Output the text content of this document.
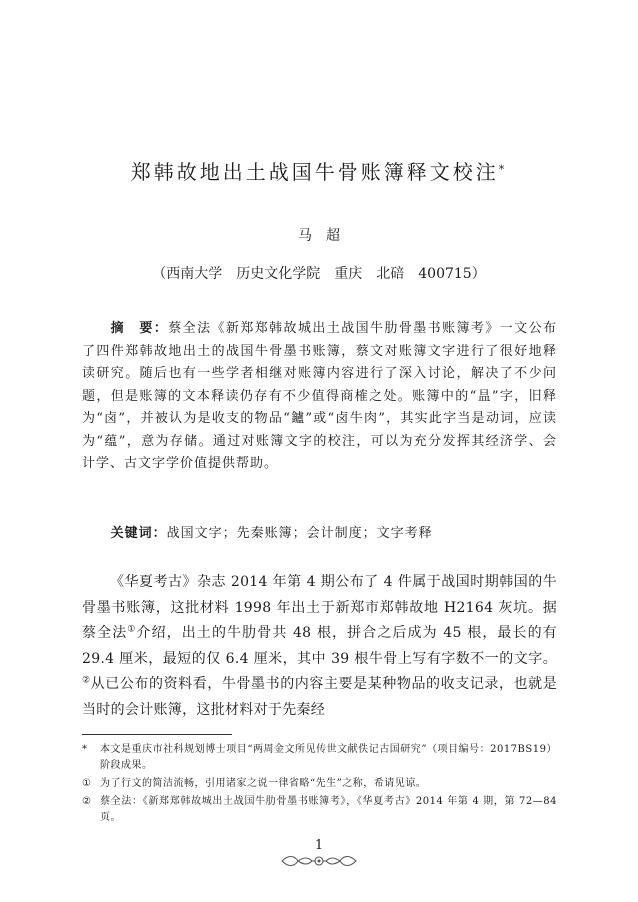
郑韩故地出土战国牛骨账簿释文校注*
马　超
（西南大学　历史文化学院　重庆　北碚　400715）
摘　要：蔡全法《新郑郑韩故城出土战国牛肋骨墨书账簿考》一文公布了四件郑韩故地出土的战国牛骨墨书账簿，蔡文对账簿文字进行了很好地释读研究。随后也有一些学者相继对账簿内容进行了深入讨论，解决了不少问题，但是账簿的文本释读仍存有不少值得商榷之处。账簿中的“昷”字，旧释为“卤”，并被认为是收支的物品“鑪”或“卤牛肉”，其实此字当是动词，应读为“蕴”，意为存储。通过对账簿文字的校注，可以为充分发挥其经济学、会计学、古文字学价值提供帮助。
关键词：战国文字；先秦账簿；会计制度；文字考释
《华夏考古》杂志 2014 年第 4 期公布了 4 件属于战国时期韩国的牛骨墨书账簿，这批材料 1998 年出土于新郑市郑韩故地 H2164 灰坑。据蔡全法①介绍，出土的牛肋骨共 48 根，拼合之后成为 45 根，最长的有 29.4 厘米，最短的仅 6.4 厘米，其中 39 根牛骨上写有字数不一的文字。②从已公布的资料看，牛骨墨书的内容主要是某种物品的收支记录，也就是当时的会计账簿，这批材料对于先秦经
*	本文是重庆市社科规划博士项目“两周金文所见传世文献佚记古国研究”（项目编号：2017BS19）阶段成果。
① 为了行文的简洁流畅，引用诸家之说一律省略“先生”之称，希请见谅。
② 蔡全法：《新郑郑韩故城出土战国牛肋骨墨书账簿考》，《华夏考古》2014 年第 4 期，第 72—84 页。
1
